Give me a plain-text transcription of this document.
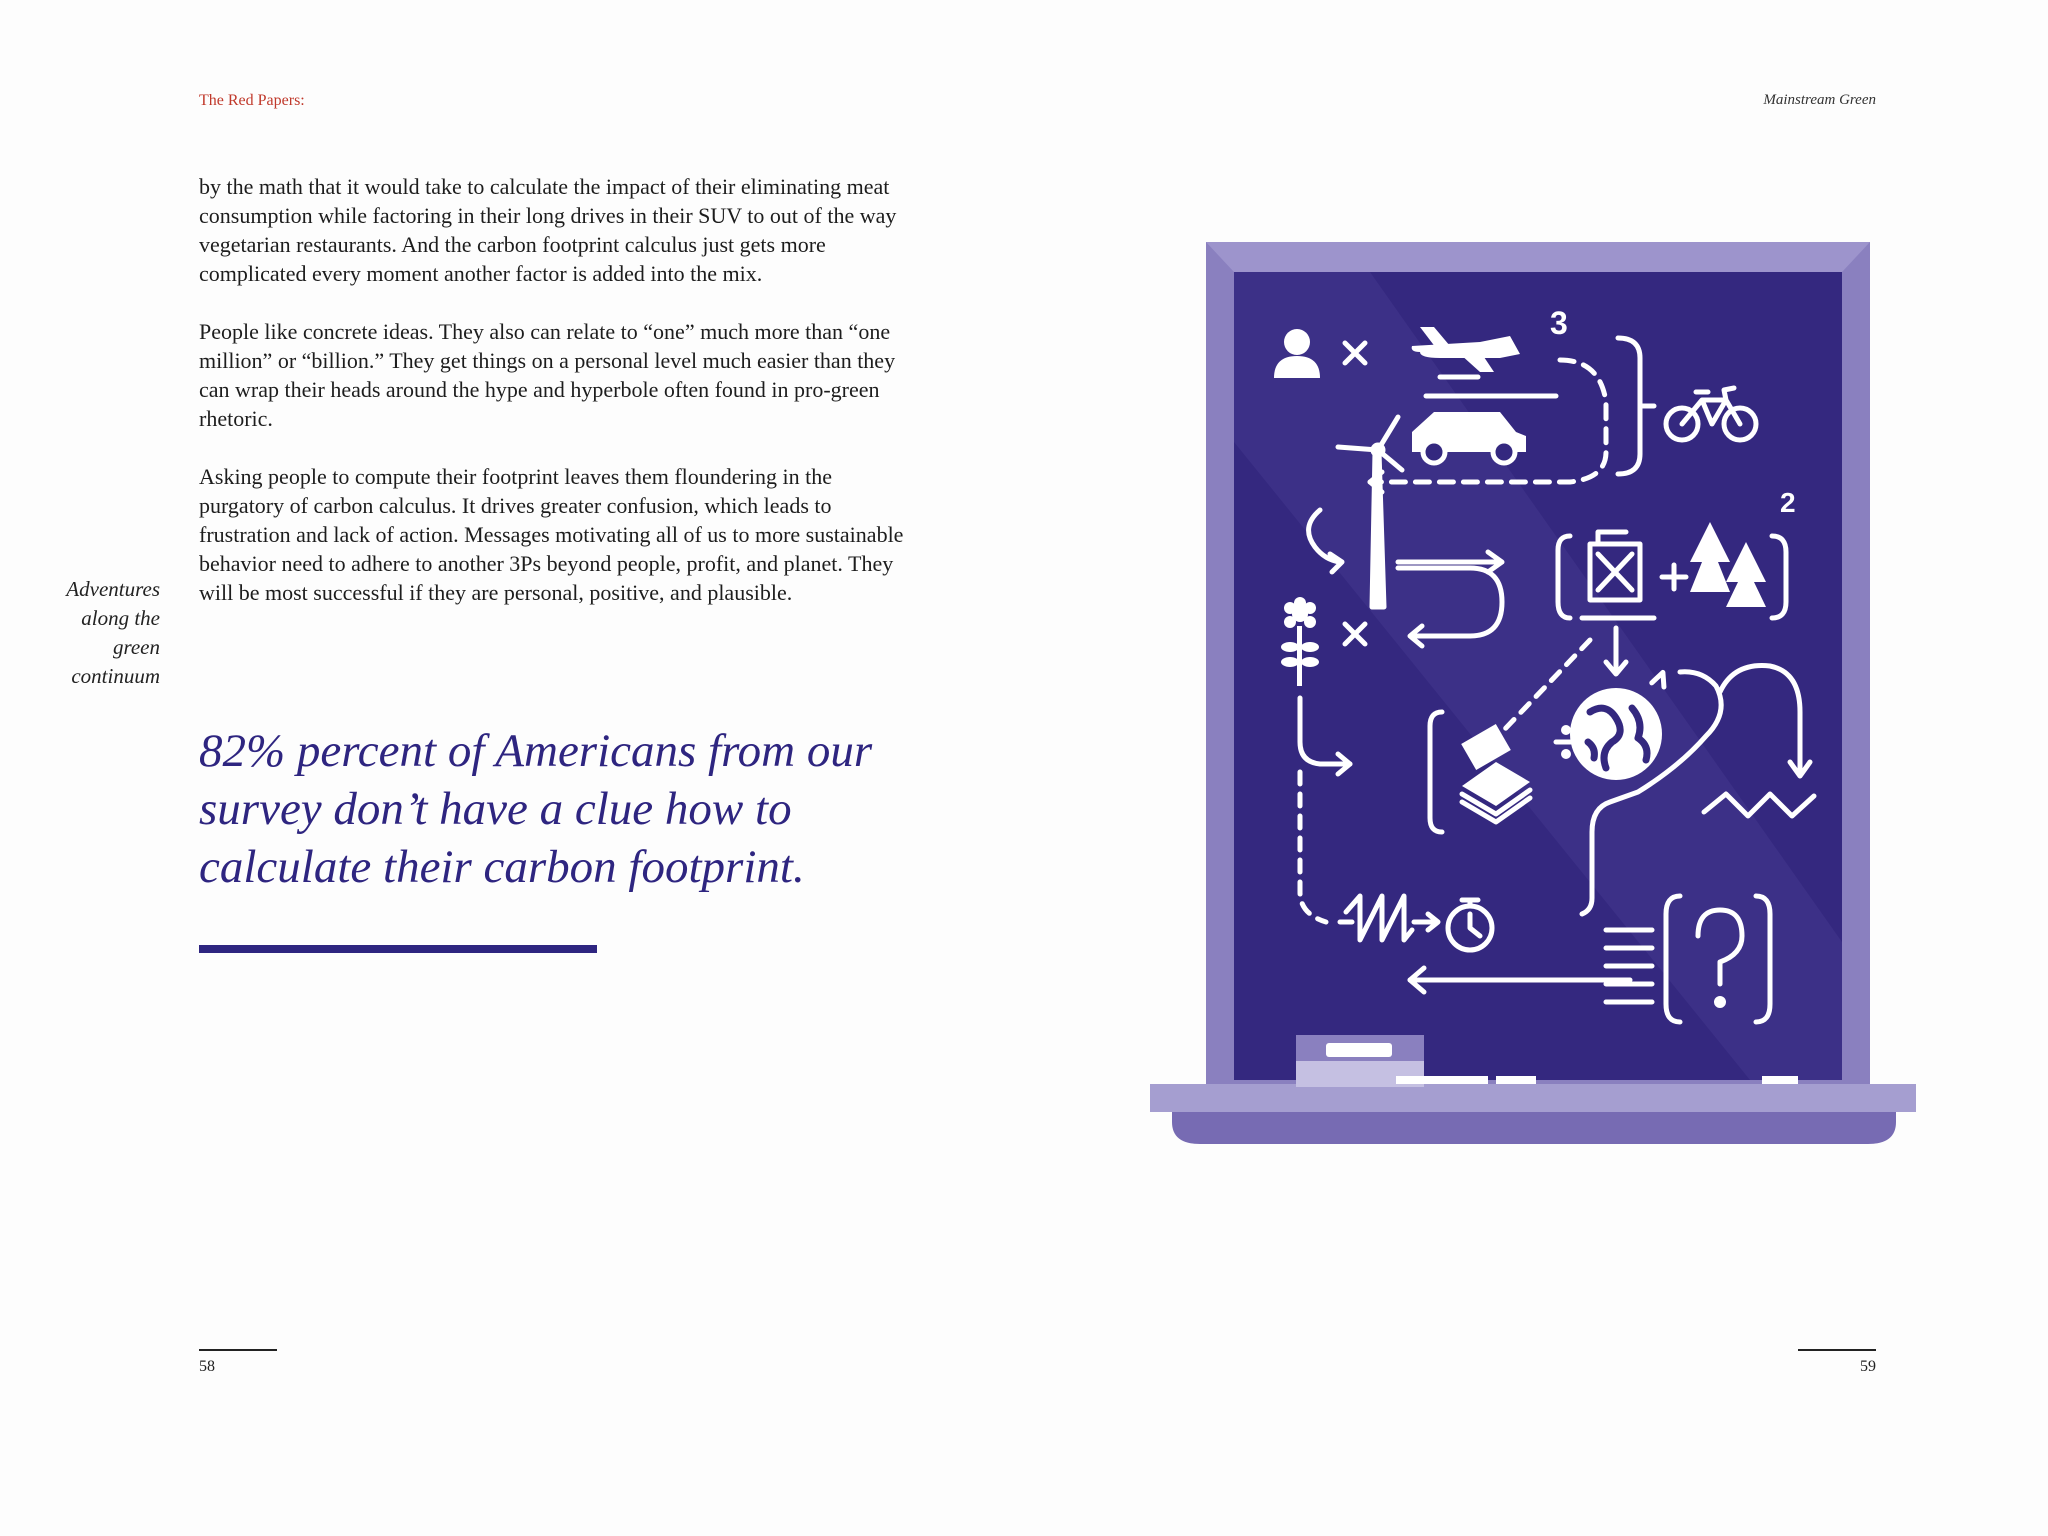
The Red Papers:	Mainstream Green

by the math that it would take to calculate the impact of their eliminating meat consumption while factoring in their long drives in their SUV to out of the way vegetarian restaurants. And the carbon footprint calculus just gets more complicated every moment another factor is added into the mix.

People like concrete ideas. They also can relate to “one” much more than “one million” or “billion.” They get things on a personal level much easier than they can wrap their heads around the hype and hyperbole often found in pro-green rhetoric.

Asking people to compute their footprint leaves them floundering in the purgatory of carbon calculus. It drives greater confusion, which leads to frustration and lack of action. Messages motivating all of us to more sustainable behavior need to adhere to another 3Ps beyond people, profit, and planet. They will be most successful if they are personal, positive, and plausible.

Adventures along the green continuum
82% percent of Americans from our survey don’t have a clue how to calculate their carbon footprint.
58	59
3
2
